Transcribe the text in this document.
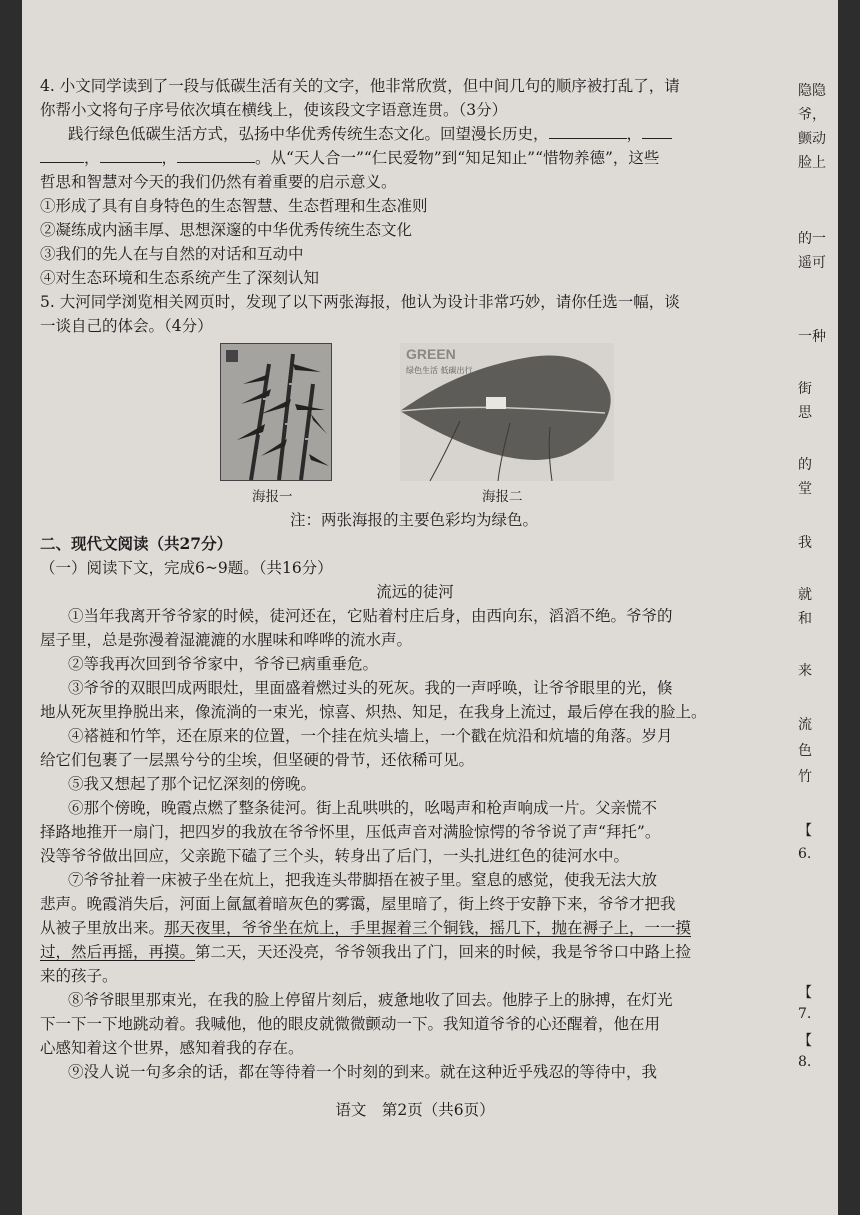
4. 小文同学读到了一段与低碳生活有关的文字，他非常欣赏，但中间几句的顺序被打乱了，请
你帮小文将句子序号依次填在横线上，使该段文字语意连贯。（3分）
践行绿色低碳生活方式，弘扬中华优秀传统生态文化。回望漫长历史，	，
，	，	。从“天人合一”“仁民爱物”到“知足知止”“惜物养德”，这些
哲思和智慧对今天的我们仍然有着重要的启示意义。
①形成了具有自身特色的生态智慧、生态哲理和生态准则
②凝练成内涵丰厚、思想深邃的中华优秀传统生态文化
③我们的先人在与自然的对话和互动中
④对生态环境和生态系统产生了深刻认知
5. 大河同学浏览相关网页时，发现了以下两张海报，他认为设计非常巧妙，请你任选一幅，谈
一谈自己的体会。（4分）
GREEN
绿色生活 低碳出行
海报一	海报二
注：两张海报的主要色彩均为绿色。
二、现代文阅读（共27分）
（一）阅读下文，完成6~9题。（共16分）
流远的徒河
①当年我离开爷爷家的时候，徒河还在，它贴着村庄后身，由西向东，滔滔不绝。爷爷的
屋子里，总是弥漫着湿漉漉的水腥味和哗哗的流水声。
②等我再次回到爷爷家中，爷爷已病重垂危。
③爷爷的双眼凹成两眼灶，里面盛着燃过头的死灰。我的一声呼唤，让爷爷眼里的光，倏
地从死灰里挣脱出来，像流淌的一束光，惊喜、炽热、知足，在我身上流过，最后停在我的脸上。
④褡裢和竹竿，还在原来的位置，一个挂在炕头墙上，一个戳在炕沿和炕墙的角落。岁月
给它们包裹了一层黑兮兮的尘埃，但坚硬的骨节，还依稀可见。
⑤我又想起了那个记忆深刻的傍晚。
⑥那个傍晚，晚霞点燃了整条徒河。街上乱哄哄的，吆喝声和枪声响成一片。父亲慌不
择路地推开一扇门，把四岁的我放在爷爷怀里，压低声音对满脸惊愕的爷爷说了声“拜托”。
没等爷爷做出回应，父亲跪下磕了三个头，转身出了后门，一头扎进红色的徒河水中。
⑦爷爷扯着一床被子坐在炕上，把我连头带脚捂在被子里。窒息的感觉，使我无法大放
悲声。晚霞消失后，河面上氤氲着暗灰色的雾霭，屋里暗了，街上终于安静下来，爷爷才把我
从被子里放出来。那天夜里，爷爷坐在炕上，手里握着三个铜钱，摇几下，抛在褥子上，一一摸
过，然后再摇，再摸。第二天，天还没亮，爷爷领我出了门，回来的时候，我是爷爷口中路上捡
来的孩子。
⑧爷爷眼里那束光，在我的脸上停留片刻后，疲惫地收了回去。他脖子上的脉搏，在灯光
下一下一下地跳动着。我喊他，他的眼皮就微微颤动一下。我知道爷爷的心还醒着，他在用
心感知着这个世界，感知着我的存在。
⑨没人说一句多余的话，都在等待着一个时刻的到来。就在这种近乎残忍的等待中，我
语文　第2页（共6页）
隐隐
爷，
颤动
脸上
的一
遥可
一种
街
思
的
堂
我
就
和
来
流
色
竹
【
6.
【
7.
【
8.
